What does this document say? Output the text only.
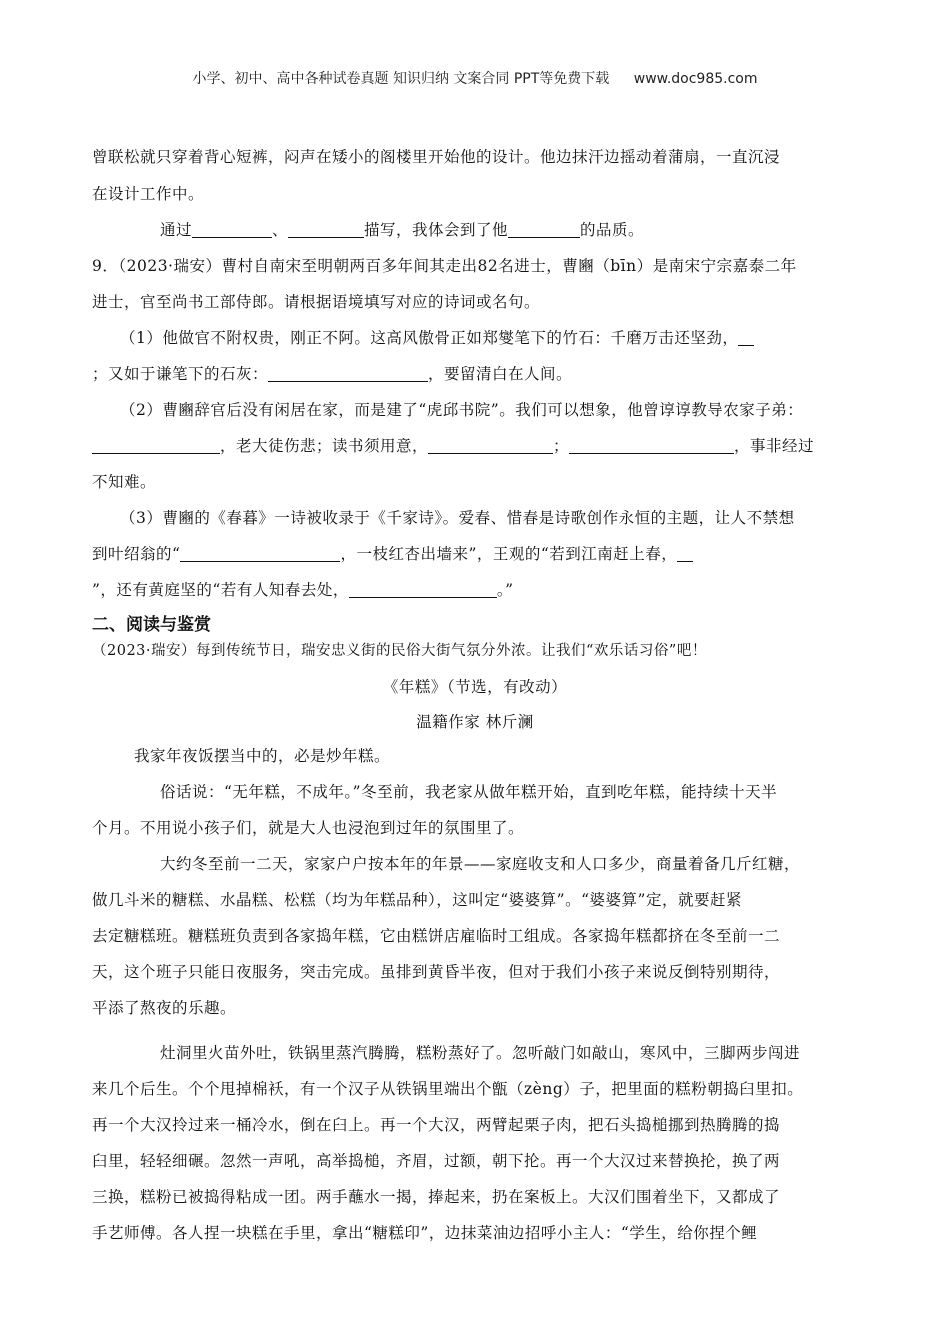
小学、初中、高中各种试卷真题 知识归纳 文案合同 PPT等免费下载 www.doc985.com
曾联松就只穿着背心短裤，闷声在矮小的阁楼里开始他的设计。他边抹汗边摇动着蒲扇，一直沉浸
在设计工作中。
通过	、	描写，我体会到了他	的品质。
9．（2023·瑞安）曹村自南宋至明朝两百多年间其走出82名进士，曹豳（bīn）是南宋宁宗嘉泰二年
进士，官至尚书工部侍郎。请根据语境填写对应的诗词或名句。
（1）他做官不附权贵，刚正不阿。这高风傲骨正如郑燮笔下的竹石：千磨万击还坚劲，
；又如于谦笔下的石灰：	，要留清白在人间。
（2）曹豳辞官后没有闲居在家，而是建了“虎邱书院”。我们可以想象，他曾谆谆教导农家子弟：
，老大徒伤悲；读书须用意，	；	，事非经过
不知难。
（3）曹豳的《春暮》一诗被收录于《千家诗》。爱春、惜春是诗歌创作永恒的主题，让人不禁想
到叶绍翁的“	，一枝红杏出墙来”，王观的“若到江南赶上春，
”，还有黄庭坚的“若有人知春去处，	。”
二、阅读与鉴赏
（2023·瑞安）每到传统节日，瑞安忠义街的民俗大街气氛分外浓。让我们“欢乐话习俗”吧！
《年糕》（节选，有改动）
温籍作家 林斤澜
我家年夜饭摆当中的，必是炒年糕。
俗话说：“无年糕，不成年。”冬至前，我老家从做年糕开始，直到吃年糕，能持续十天半
个月。不用说小孩子们，就是大人也浸泡到过年的氛围里了。
大约冬至前一二天，家家户户按本年的年景——家庭收支和人口多少，商量着备几斤红糖，
做几斗米的糖糕、水晶糕、松糕（均为年糕品种），这叫定“婆婆算”。“婆婆算”定，就要赶紧
去定糖糕班。糖糕班负责到各家捣年糕，它由糕饼店雇临时工组成。各家捣年糕都挤在冬至前一二
天，这个班子只能日夜服务，突击完成。虽排到黄昏半夜，但对于我们小孩子来说反倒特别期待，
平添了熬夜的乐趣。
灶洞里火苗外吐，铁锅里蒸汽腾腾，糕粉蒸好了。忽听敲门如敲山，寒风中，三脚两步闯进
来几个后生。个个甩掉棉袄，有一个汉子从铁锅里端出个甑（zèng）子，把里面的糕粉朝捣臼里扣。
再一个大汉拎过来一桶冷水，倒在臼上。再一个大汉，两臂起栗子肉，把石头捣槌挪到热腾腾的捣
臼里，轻轻细碾。忽然一声吼，高举捣槌，齐眉，过额，朝下抡。再一个大汉过来替换抡，换了两
三换，糕粉已被捣得粘成一团。两手蘸水一揭，捧起来，扔在案板上。大汉们围着坐下，又都成了
手艺师傅。各人捏一块糕在手里，拿出“糖糕印”，边抹菜油边招呼小主人：“学生，给你捏个鲤
